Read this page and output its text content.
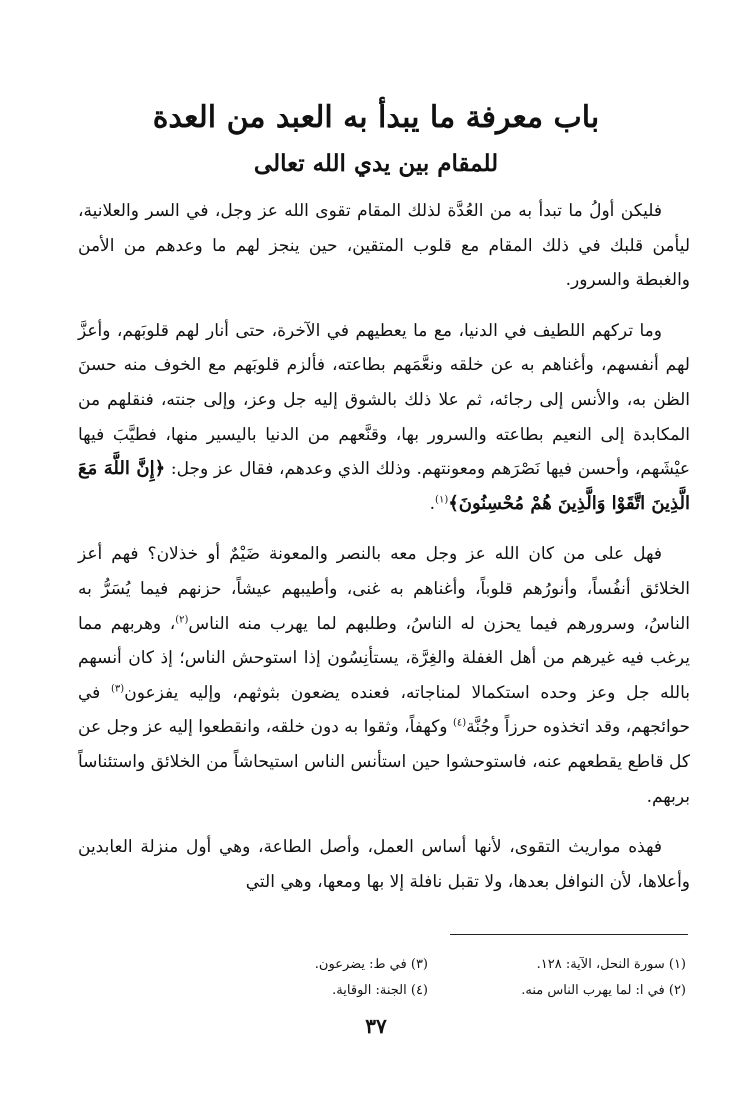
باب معرفة ما يبدأ به العبد من العدة
للمقام بين يدي الله تعالى

فليكن أولُ ما تبدأ به من العُدَّة لذلك المقام تقوى الله عز وجل، في السر والعلانية، ليأمن قلبك في ذلك المقام مع قلوب المتقين، حين ينجز لهم ما وعدهم من الأمن والغبطة والسرور.

وما تركهم اللطيف في الدنيا، مع ما يعطيهم في الآخرة، حتى أنار لهم قلوبَهم، وأعزَّ لهم أنفسهم، وأغناهم به عن خلقه ونعَّمَهم بطاعته، فألزم قلوبَهم مع الخوف منه حسنَ الظن به، والأنس إلى رجائه، ثم علا ذلك بالشوق إليه جل وعز، وإلى جنته، فنقلهم من المكابدة إلى النعيم بطاعته والسرور بها، وقنَّعهم من الدنيا باليسير منها، فطيَّبَ فيها عيْشَهم، وأحسن فيها نَصْرَهم ومعونتهم. وذلك الذي وعدهم، فقال عز وجل: ﴿إِنَّ اللَّهَ مَعَ الَّذِينَ اتَّقَوْا وَالَّذِينَ هُمْ مُحْسِنُونَ﴾$^{(١)}$.

فهل على من كان الله عز وجل معه بالنصر والمعونة ضَيْمٌ أو خذلان؟ فهم أعز الخلائق أنفُساً، وأنورُهم قلوباً، وأغناهم به غنى، وأطيبهم عيشاً، حزنهم فيما يُسَرُّ به الناسُ، وسرورهم فيما يحزن له الناسُ، وطلبهم لما يهرب منه الناس$^{(٢)}$، وهربهم مما يرغب فيه غيرهم من أهل الغفلة والغِرَّة، يستأنِسُون إذا استوحش الناس؛ إذ كان أنسهم بالله جل وعز وحده استكمالا لمناجاته، فعنده يضعون بثوثهم، وإليه يفزعون$^{(٣)}$ في حوائجهم، وقد اتخذوه حرزاً وجُنَّة$^{(٤)}$ وكهفاً، وثقوا به دون خلقه، وانقطعوا إليه عز وجل عن كل قاطع يقطعهم عنه، فاستوحشوا حين استأنس الناس استيحاشاً من الخلائق واستئناساً بربهم.

فهذه مواريث التقوى، لأنها أساس العمل، وأصل الطاعة، وهي أول منزلة العابدين وأعلاها، لأن النوافل بعدها، ولا تقبل نافلة إلا بها ومعها، وهي التي

(١) سورة النحل، الآية: ١٢٨.
(٣) في ط: يضرعون.
(٢) في ا: لما يهرب الناس منه.
(٤) الجنة: الوقاية.
٣٧
